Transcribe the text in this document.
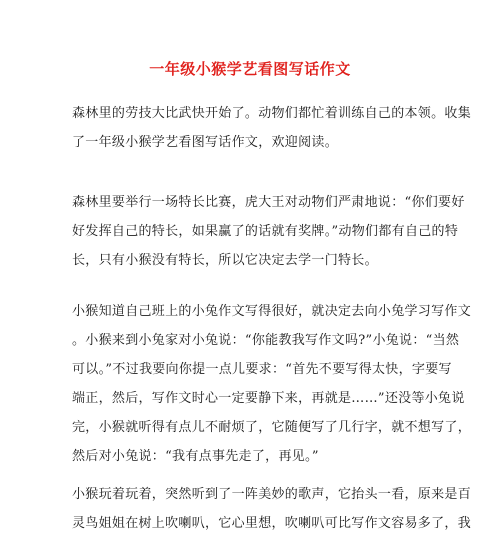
一年级小猴学艺看图写话作文

森林里的劳技大比武快开始了。动物们都忙着训练自己的本领。收集
了一年级小猴学艺看图写话作文，欢迎阅读。

森林里要举行一场特长比赛，虎大王对动物们严肃地说：“你们要好
好发挥自己的特长，如果赢了的话就有奖牌。”动物们都有自己的特
长，只有小猴没有特长，所以它决定去学一门特长。

小猴知道自己班上的小兔作文写得很好，就决定去向小兔学习写作文
。小猴来到小兔家对小兔说：“你能教我写作文吗?”小兔说：“当然
可以。”不过我要向你提一点儿要求：“首先不要写得太快，字要写
端正，然后，写作文时心一定要静下来，再就是……”还没等小兔说
完，小猴就听得有点儿不耐烦了，它随便写了几行字，就不想写了，
然后对小兔说：“我有点事先走了，再见。”

小猴玩着玩着，突然听到了一阵美妙的歌声，它抬头一看，原来是百
灵鸟姐姐在树上吹喇叭，它心里想，吹喇叭可比写作文容易多了，我
